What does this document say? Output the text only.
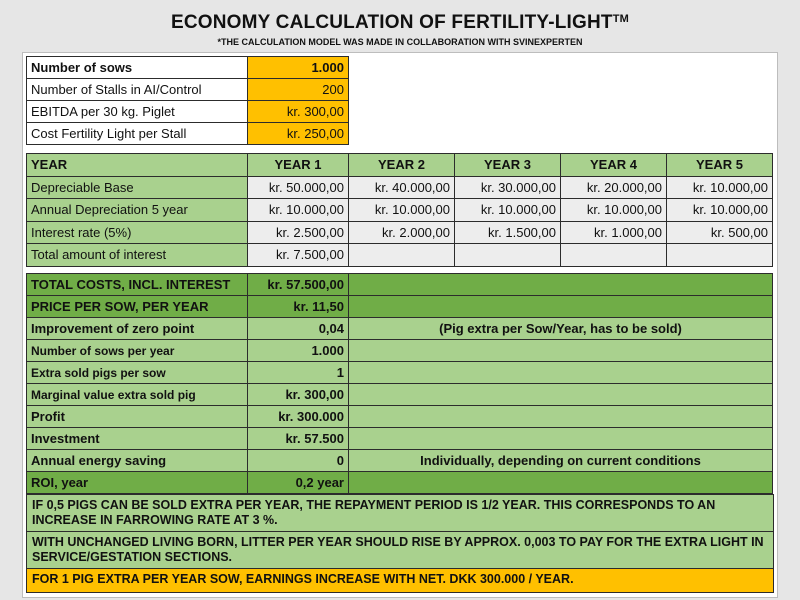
ECONOMY CALCULATION OF FERTILITY-LIGHT™
*THE CALCULATION MODEL WAS MADE IN COLLABORATION WITH SVINEXPERTEN
Number of sows	1.000
Number of Stalls in AI/Control	200
EBITDA per 30 kg. Piglet	kr. 300,00
Cost Fertility Light per Stall	kr. 250,00
YEAR	YEAR 1	YEAR 2	YEAR 3	YEAR 4	YEAR 5
Depreciable Base	kr. 50.000,00	kr. 40.000,00	kr. 30.000,00	kr. 20.000,00	kr. 10.000,00
Annual Depreciation 5 year	kr. 10.000,00	kr. 10.000,00	kr. 10.000,00	kr. 10.000,00	kr. 10.000,00
Interest rate (5%)	kr. 2.500,00	kr. 2.000,00	kr. 1.500,00	kr. 1.000,00	kr. 500,00
Total amount of interest	kr. 7.500,00				
TOTAL COSTS, INCL. INTEREST	kr. 57.500,00	
PRICE PER SOW, PER YEAR	kr. 11,50	
Improvement of zero point	0,04	(Pig extra per Sow/Year, has to be sold)
Number of sows per year	1.000	
Extra sold pigs per sow	1	
Marginal value extra sold pig	kr. 300,00	
Profit	kr. 300.000	
Investment	kr. 57.500	
Annual energy saving	0	Individually, depending on current conditions
ROI, year	0,2 year	
IF 0,5 PIGS CAN BE SOLD EXTRA PER YEAR, THE REPAYMENT PERIOD IS 1/2 YEAR. THIS CORRESPONDS TO AN INCREASE IN FARROWING RATE AT 3 %.
WITH UNCHANGED LIVING BORN, LITTER PER YEAR SHOULD RISE BY APPROX. 0,003 TO PAY FOR THE EXTRA LIGHT IN SERVICE/GESTATION SECTIONS.
FOR 1 PIG EXTRA PER YEAR SOW, EARNINGS INCREASE WITH NET. DKK 300.000 / YEAR.
